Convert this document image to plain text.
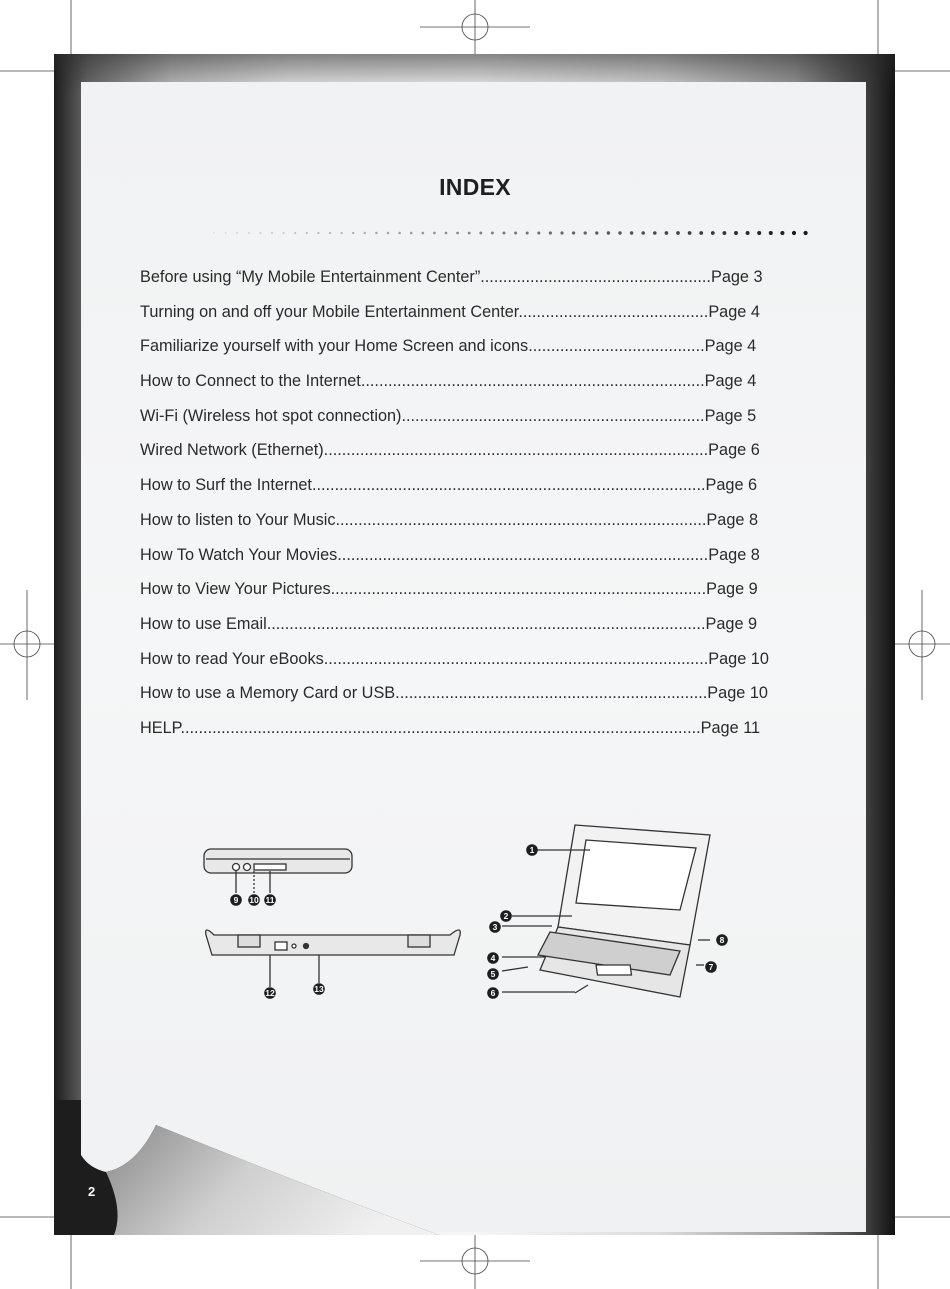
INDEX
Before using “My Mobile Entertainment Center”...................................................Page 3
Turning on and off your Mobile Entertainment Center..........................................Page 4
Familiarize yourself with your Home Screen and icons.......................................Page 4
How to Connect to the Internet............................................................................Page 4
Wi-Fi (Wireless hot spot connection)...................................................................Page 5
Wired Network (Ethernet).....................................................................................Page 6
How to Surf the Internet.......................................................................................Page 6
How to listen to Your Music..................................................................................Page 8
How To Watch Your Movies..................................................................................Page 8
How to View Your Pictures...................................................................................Page 9
How to use Email.................................................................................................Page 9
How to read Your eBooks.....................................................................................Page 10
How to use a Memory Card or USB.....................................................................Page 10
HELP...................................................................................................................Page 11
9 10 11
12	13
1
2
3
4
5
6
7
8
2
